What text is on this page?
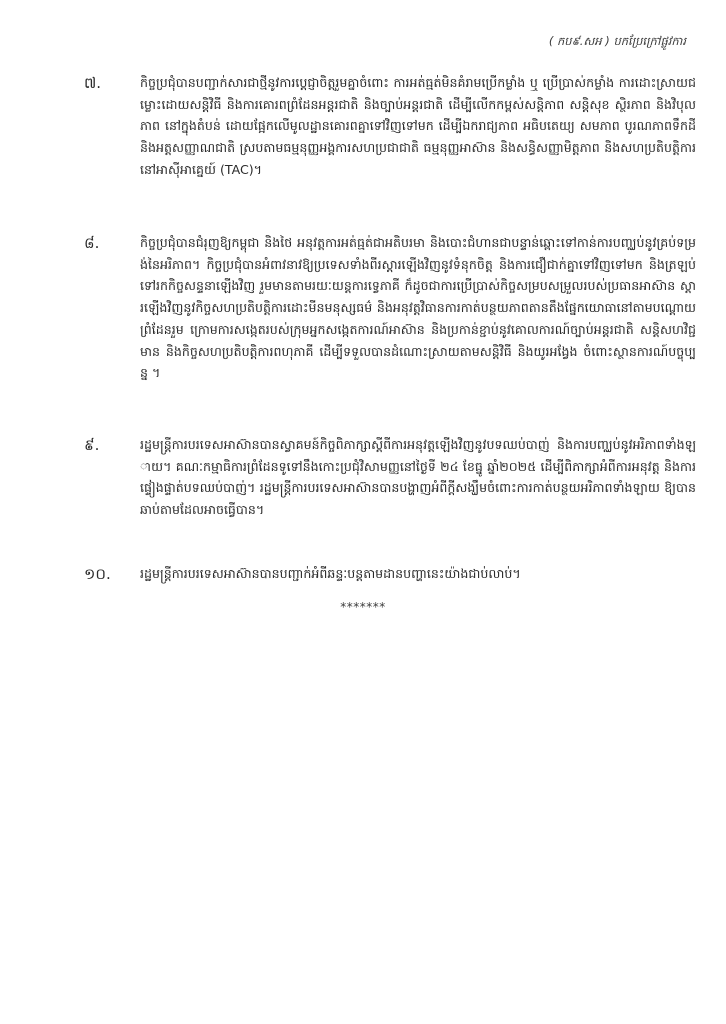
( កប៩.សអ ) បកប្រែក្រៅផ្លូវការ
៧.	កិច្ចប្រជុំបានបញ្ជាក់សារជាថ្មីនូវការប្ដេជ្ញាចិត្តរួមគ្នាចំពោះ ការអត់ធ្មត់មិនគំរាមប្រើកម្លាំង ឬ ប្រើប្រាស់កម្លាំង ការដោះស្រាយជម្លោះដោយសន្តិវិធី និងការគោរពព្រំដែនអន្តរជាតិ និងច្បាប់អន្តរជាតិ ដើម្បីលើកកម្ពស់សន្តិភាព សន្តិសុខ ស្ថិរភាព និងវិបុលភាព នៅក្នុងតំបន់ ដោយផ្អែកលើមូលដ្ឋានគោរពគ្នាទៅវិញទៅមក ដើម្បីឯករាជ្យភាព អធិបតេយ្យ សមភាព បូរណភាពទឹកដី និងអត្តសញ្ញាណជាតិ ស្របតាមធម្មនុញ្ញអង្គការសហប្រជាជាតិ ធម្មនុញ្ញអាស៊ាន និងសន្ធិសញ្ញាមិត្តភាព និងសហប្រតិបត្តិការនៅអាស៊ីអាគ្នេយ៍ (TAC)។
៨.	កិច្ចប្រជុំបានជំរុញឱ្យកម្ពុជា និងថៃ អនុវត្តការអត់ធ្មត់ជាអតិបរមា និងបោះជំហានជាបន្ទាន់ឆ្ពោះទៅកាន់ការបញ្ឈប់នូវគ្រប់ទម្រង់នៃអរិភាព។ កិច្ចប្រជុំបានអំពាវនាវឱ្យប្រទេសទាំងពីរស្ដារឡើងវិញនូវទំនុកចិត្ត និងការជឿជាក់គ្នាទៅវិញទៅមក និងត្រឡប់ទៅរកកិច្ចសន្ទនាឡើងវិញ រួមមានតាមរយៈយន្តការទ្វេភាគី ក៏ដូចជាការប្រើប្រាស់កិច្ចសម្របសម្រួលរបស់ប្រធានអាស៊ាន ស្ដារឡើងវិញនូវកិច្ចសហប្រតិបត្តិការដោះមីនមនុស្សធម៌ និងអនុវត្តវិធានការកាត់បន្ថយភាពតានតឹងផ្នែកយោធានៅតាមបណ្ដោយព្រំដែនរួម ក្រោមការសង្កេតរបស់ក្រុមអ្នកសង្កេតការណ៍អាស៊ាន និងប្រកាន់ខ្ជាប់នូវគោលការណ៍ច្បាប់អន្តរជាតិ សន្តិសហវិជ្ជមាន និងកិច្ចសហប្រតិបត្តិការពហុភាគី ដើម្បីទទួលបានដំណោះស្រាយតាមសន្តិវិធី និងយូរអង្វែង ចំពោះស្ថានការណ៍បច្ចុប្បន្ន ។
៩.	រដ្ឋមន្ត្រីការបរទេសអាស៊ានបានស្វាគមន៍កិច្ចពិភាក្សាស្ដីពីការអនុវត្តឡើងវិញនូវបទឈប់បាញ់ និងការបញ្ឈប់នូវអរិភាពទាំងឡាយ។ គណៈកម្មាធិការព្រំដែនទូទៅនឹងកោះប្រជុំវិសាមញ្ញនៅថ្ងៃទី ២៤ ខែធ្នូ ឆ្នាំ២០២៥ ដើម្បីពិភាក្សាអំពីការអនុវត្ត និងការផ្ទៀងផ្ទាត់បទឈប់បាញ់។ រដ្ឋមន្ត្រីការបរទេសអាស៊ានបានបង្ហាញអំពីក្ដីសង្ឃឹមចំពោះការកាត់បន្ថយអរិភាពទាំងឡាយ ឱ្យបានឆាប់តាមដែលអាចធ្វើបាន។
១០.	រដ្ឋមន្ត្រីការបរទេសអាស៊ានបានបញ្ជាក់អំពីឆន្ទៈបន្តតាមដានបញ្ហានេះយ៉ាងជាប់លាប់។
*******
